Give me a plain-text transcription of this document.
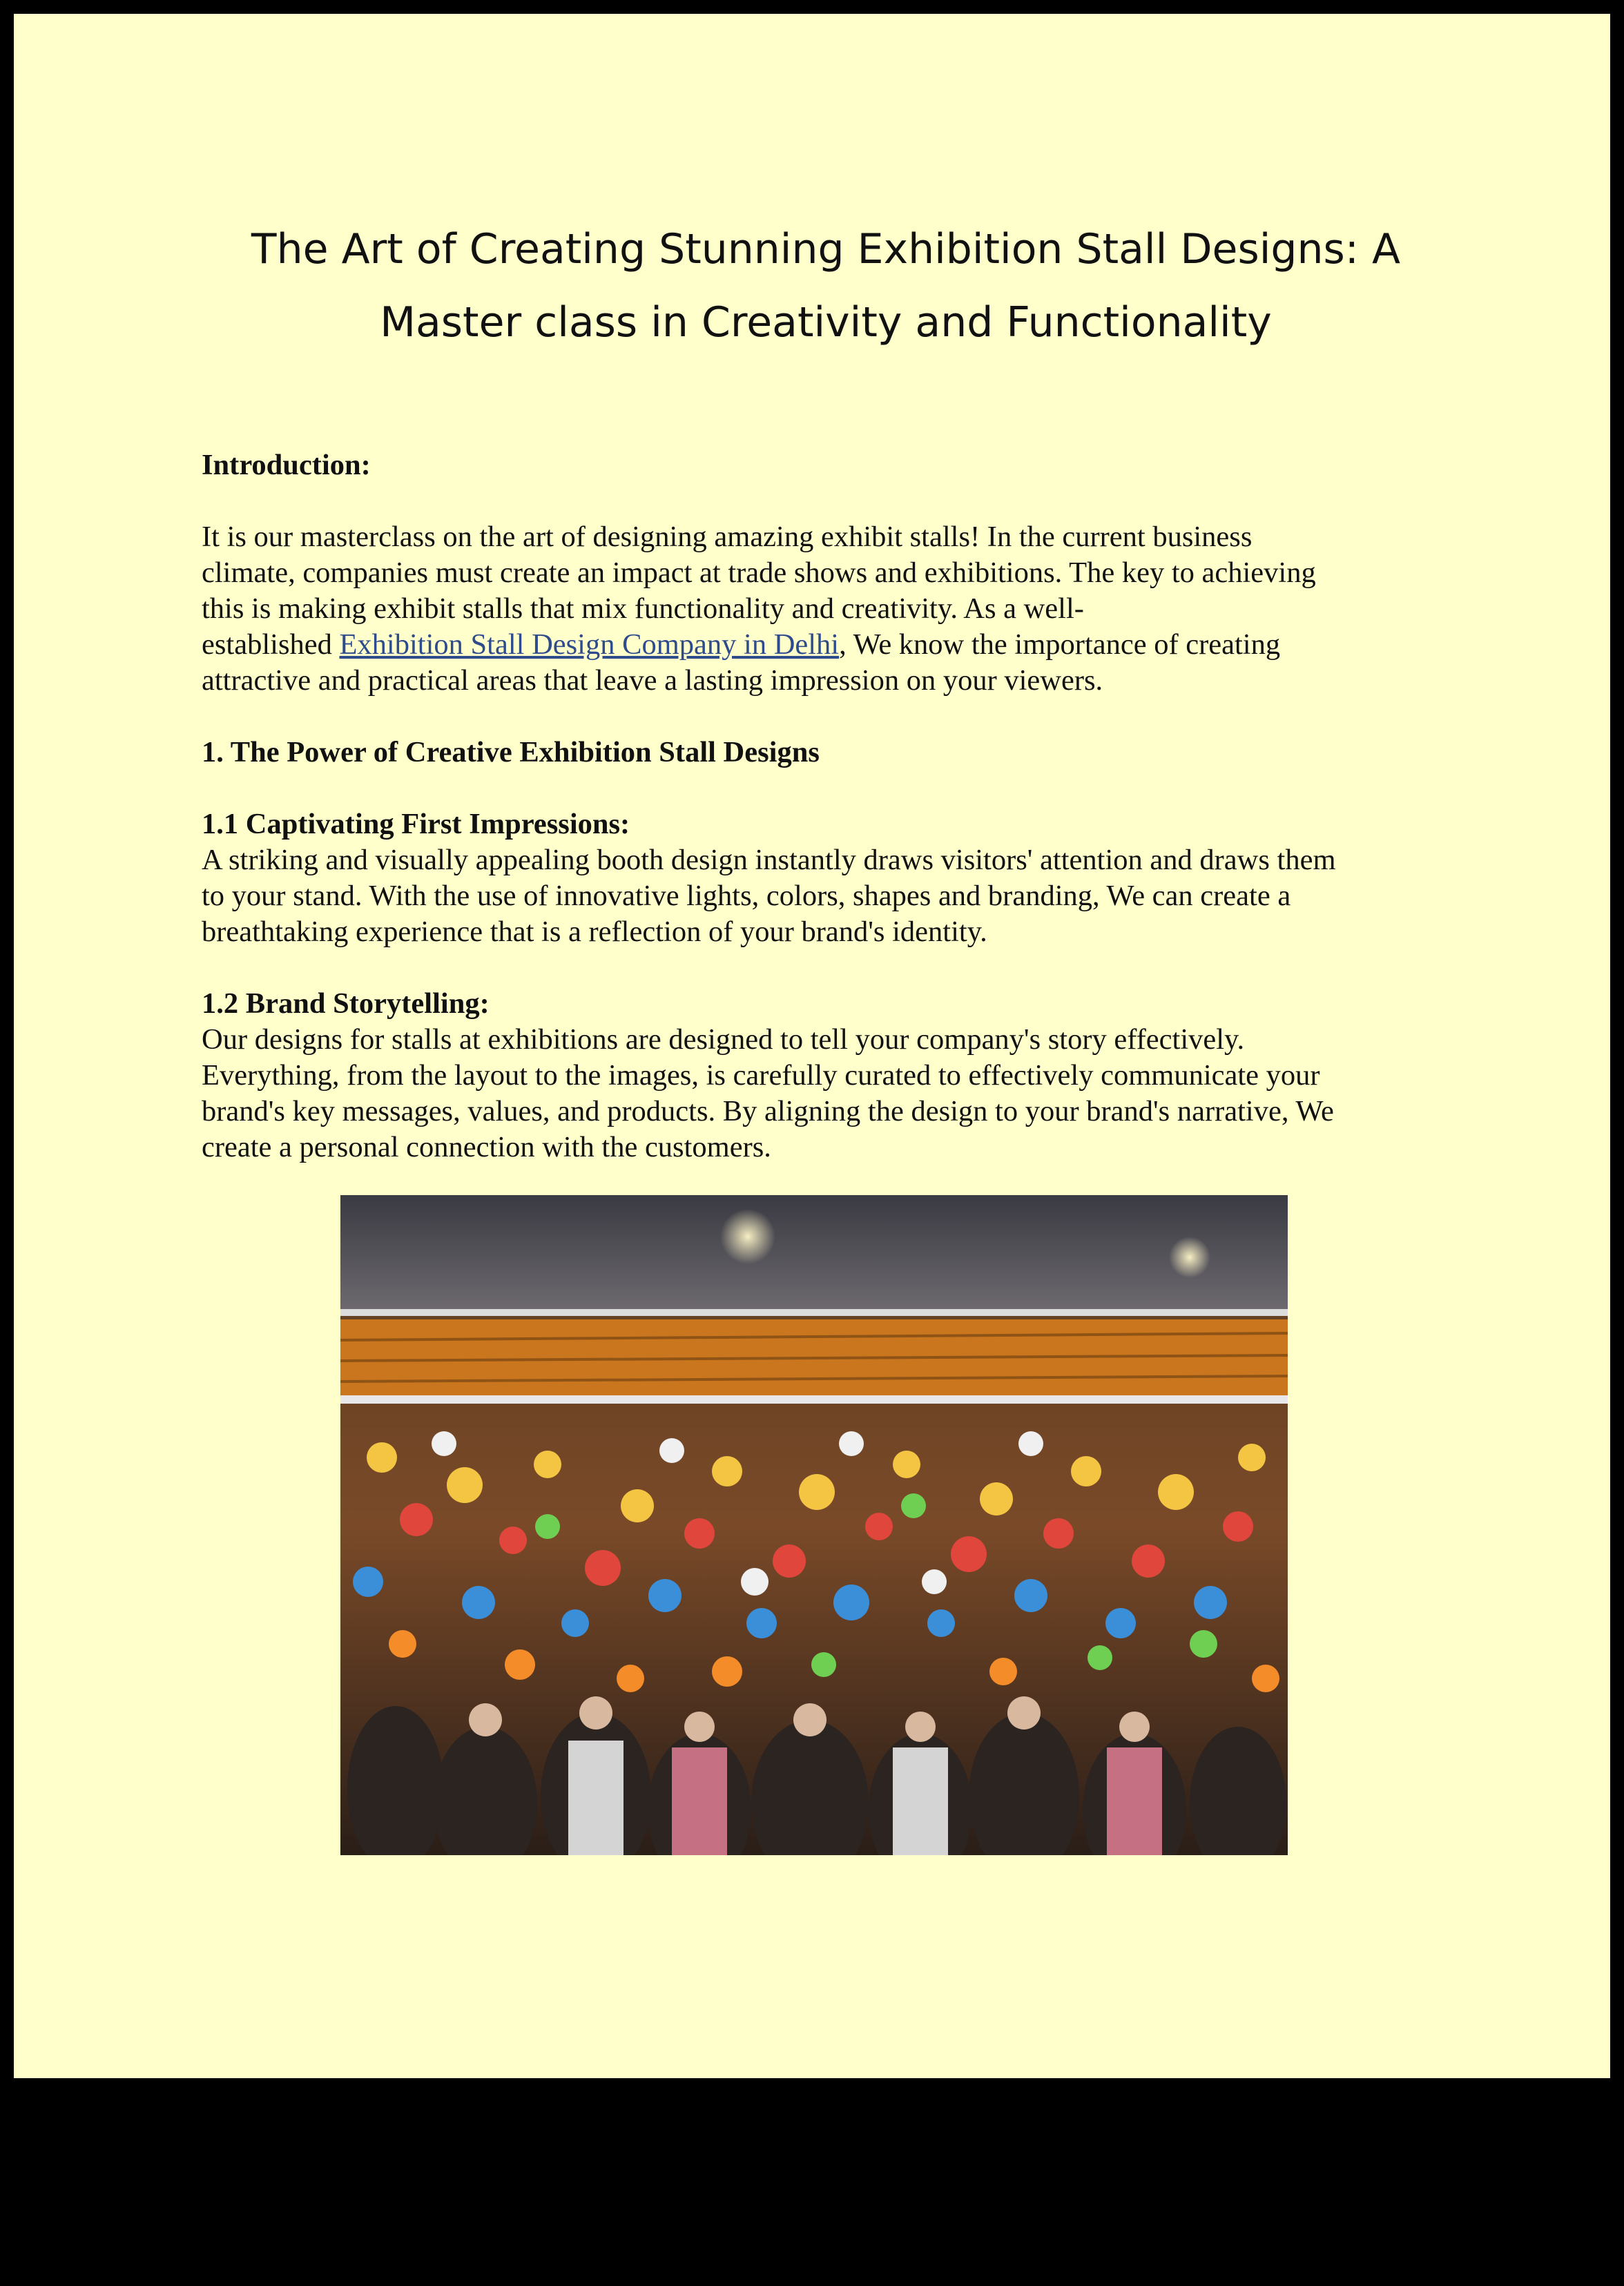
The Art of Creating Stunning Exhibition Stall Designs: A
Master class in Creativity and Functionality
Introduction:

It is our masterclass on the art of designing amazing exhibit stalls! In the current business
climate, companies must create an impact at trade shows and exhibitions. The key to achieving
this is making exhibit stalls that mix functionality and creativity. As a well-
established Exhibition Stall Design Company in Delhi, We know the importance of creating
attractive and practical areas that leave a lasting impression on your viewers.

1. The Power of Creative Exhibition Stall Designs
1.1 Captivating First Impressions:

A striking and visually appealing booth design instantly draws visitors' attention and draws them
to your stand. With the use of innovative lights, colors, shapes and branding, We can create a
breathtaking experience that is a reflection of your brand's identity.

1.2 Brand Storytelling:

Our designs for stalls at exhibitions are designed to tell your company's story effectively.
Everything, from the layout to the images, is carefully curated to effectively communicate your
brand's key messages, values, and products. By aligning the design to your brand's narrative, We
create a personal connection with the customers.
